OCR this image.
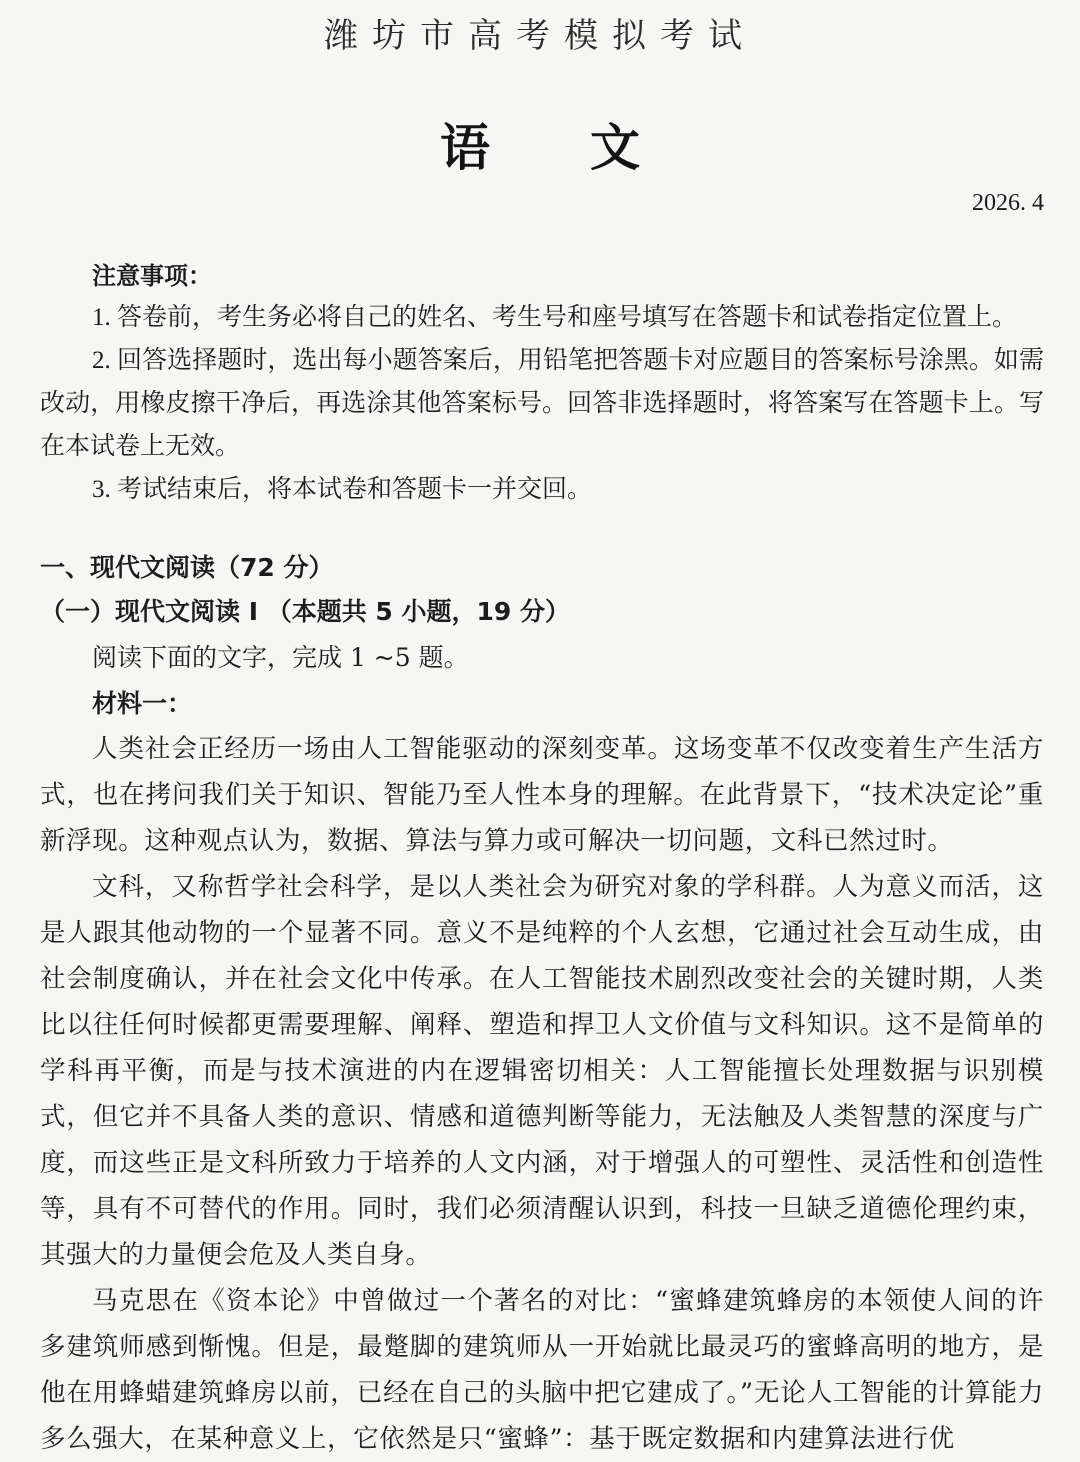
潍坊市高考模拟考试
语文
2026. 4
注意事项：

1. 答卷前，考生务必将自己的姓名、考生号和座号填写在答题卡和试卷指定位置上。

2. 回答选择题时，选出每小题答案后，用铅笔把答题卡对应题目的答案标号涂黑。如需改动，用橡皮擦干净后，再选涂其他答案标号。回答非选择题时，将答案写在答题卡上。写在本试卷上无效。

3. 考试结束后，将本试卷和答题卡一并交回。

一、现代文阅读（72 分）
（一）现代文阅读 I （本题共 5 小题，19 分）
阅读下面的文字，完成 1 ~5 题。
材料一：

人类社会正经历一场由人工智能驱动的深刻变革。这场变革不仅改变着生产生活方式，也在拷问我们关于知识、智能乃至人性本身的理解。在此背景下，“技术决定论”重新浮现。这种观点认为，数据、算法与算力或可解决一切问题，文科已然过时。

文科，又称哲学社会科学，是以人类社会为研究对象的学科群。人为意义而活，这是人跟其他动物的一个显著不同。意义不是纯粹的个人玄想，它通过社会互动生成，由社会制度确认，并在社会文化中传承。在人工智能技术剧烈改变社会的关键时期，人类比以往任何时候都更需要理解、阐释、塑造和捍卫人文价值与文科知识。这不是简单的学科再平衡，而是与技术演进的内在逻辑密切相关：人工智能擅长处理数据与识别模式，但它并不具备人类的意识、情感和道德判断等能力，无法触及人类智慧的深度与广度，而这些正是文科所致力于培养的人文内涵，对于增强人的可塑性、灵活性和创造性等，具有不可替代的作用。同时，我们必须清醒认识到，科技一旦缺乏道德伦理约束，其强大的力量便会危及人类自身。

马克思在《资本论》中曾做过一个著名的对比：“蜜蜂建筑蜂房的本领使人间的许多建筑师感到惭愧。但是，最蹩脚的建筑师从一开始就比最灵巧的蜜蜂高明的地方，是他在用蜂蜡建筑蜂房以前，已经在自己的头脑中把它建成了。”无论人工智能的计算能力多么强大，在某种意义上，它依然是只“蜜蜂”：基于既定数据和内建算法进行优
